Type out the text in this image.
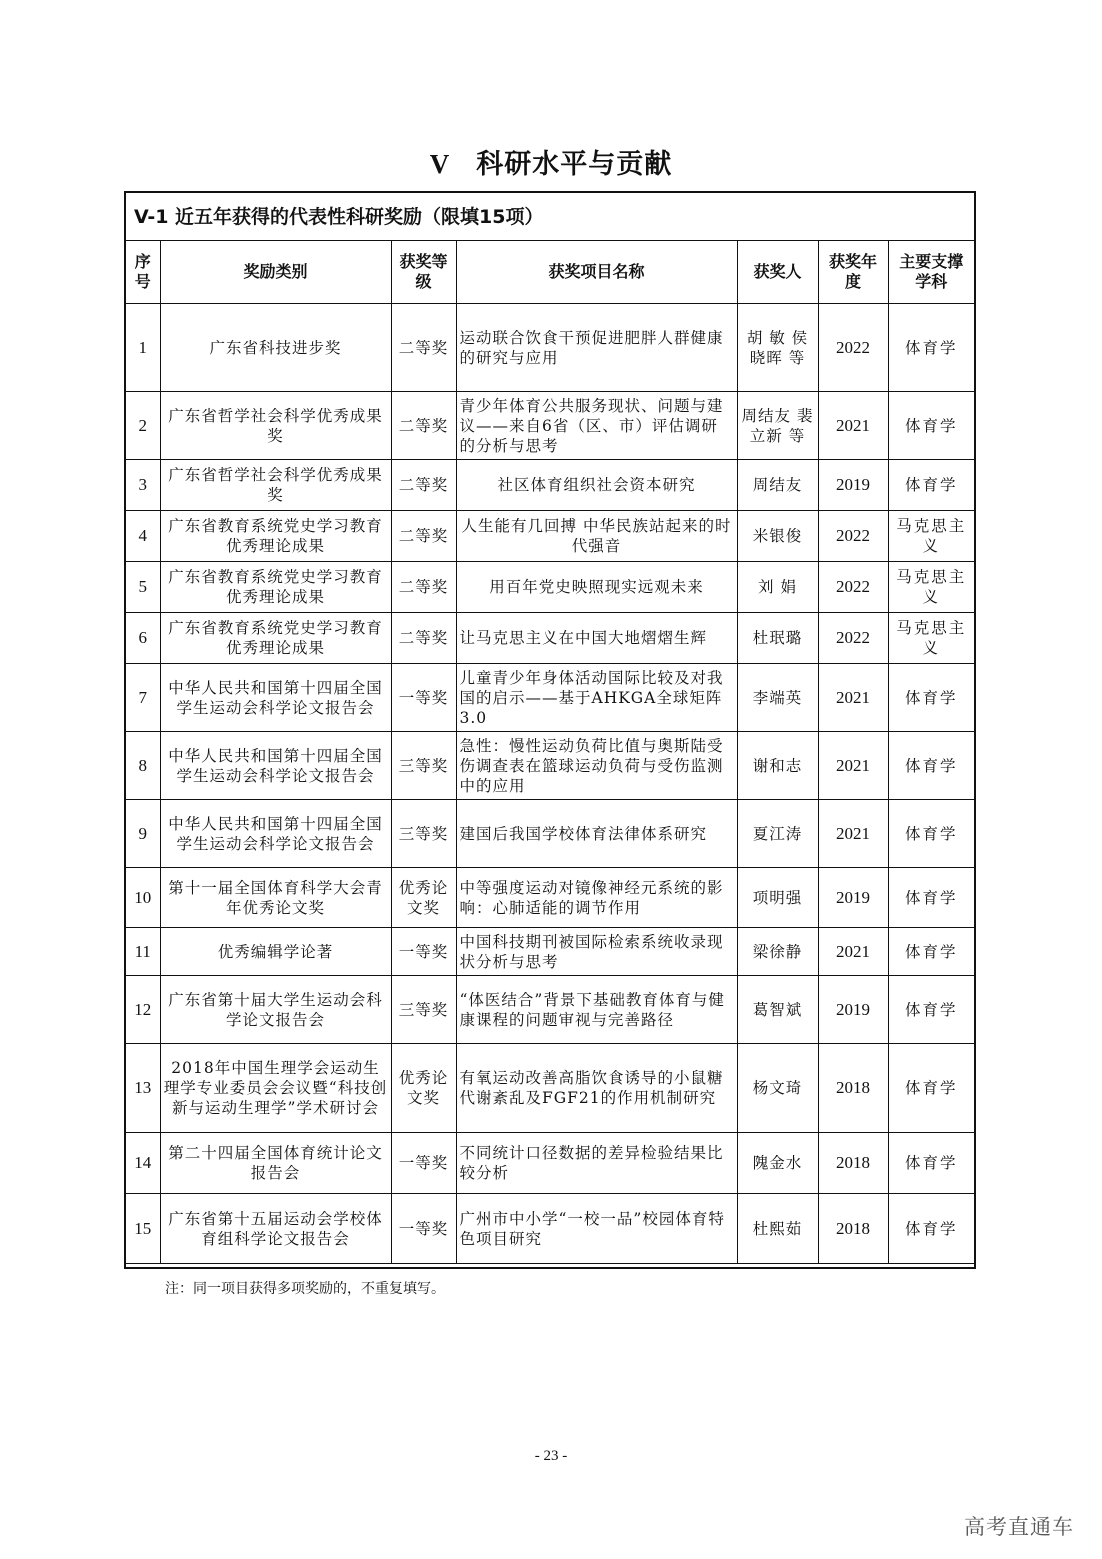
V 科研水平与贡献
V-1 近五年获得的代表性科研奖励（限填15项）
序号	奖励类别	获奖等级	获奖项目名称	获奖人	获奖年度	主要支撑学科
1	广东省科技进步奖	二等奖	运动联合饮食干预促进肥胖人群健康的研究与应用	胡 敏 侯晓晖 等	2022	体育学
2	广东省哲学社会科学优秀成果奖	二等奖	青少年体育公共服务现状、问题与建议——来自6省（区、市）评估调研的分析与思考	周结友 裴立新 等	2021	体育学
3	广东省哲学社会科学优秀成果奖	二等奖	社区体育组织社会资本研究	周结友	2019	体育学
4	广东省教育系统党史学习教育优秀理论成果	二等奖	人生能有几回搏 中华民族站起来的时代强音	米银俊	2022	马克思主义
5	广东省教育系统党史学习教育优秀理论成果	二等奖	用百年党史映照现实远观未来	刘 娟	2022	马克思主义
6	广东省教育系统党史学习教育优秀理论成果	二等奖	让马克思主义在中国大地熠熠生辉	杜珉璐	2022	马克思主义
7	中华人民共和国第十四届全国学生运动会科学论文报告会	一等奖	儿童青少年身体活动国际比较及对我国的启示——基于AHKGA全球矩阵3.0	李端英	2021	体育学
8	中华人民共和国第十四届全国学生运动会科学论文报告会	三等奖	急性：慢性运动负荷比值与奥斯陆受伤调查表在篮球运动负荷与受伤监测中的应用	谢和志	2021	体育学
9	中华人民共和国第十四届全国学生运动会科学论文报告会	三等奖	建国后我国学校体育法律体系研究	夏江涛	2021	体育学
10	第十一届全国体育科学大会青年优秀论文奖	优秀论文奖	中等强度运动对镜像神经元系统的影响：心肺适能的调节作用	项明强	2019	体育学
11	优秀编辑学论著	一等奖	中国科技期刊被国际检索系统收录现状分析与思考	梁徐静	2021	体育学
12	广东省第十届大学生运动会科学论文报告会	三等奖	“体医结合”背景下基础教育体育与健康课程的问题审视与完善路径	葛智斌	2019	体育学
13	2018年中国生理学会运动生理学专业委员会会议暨“科技创新与运动生理学”学术研讨会	优秀论文奖	有氧运动改善高脂饮食诱导的小鼠糖代谢紊乱及FGF21的作用机制研究	杨文琦	2018	体育学
14	第二十四届全国体育统计论文报告会	一等奖	不同统计口径数据的差异检验结果比较分析	隗金水	2018	体育学
15	广东省第十五届运动会学校体育组科学论文报告会	一等奖	广州市中小学“一校一品”校园体育特色项目研究	杜熙茹	2018	体育学
注：同一项目获得多项奖励的，不重复填写。
- 23 -
高考直通车
